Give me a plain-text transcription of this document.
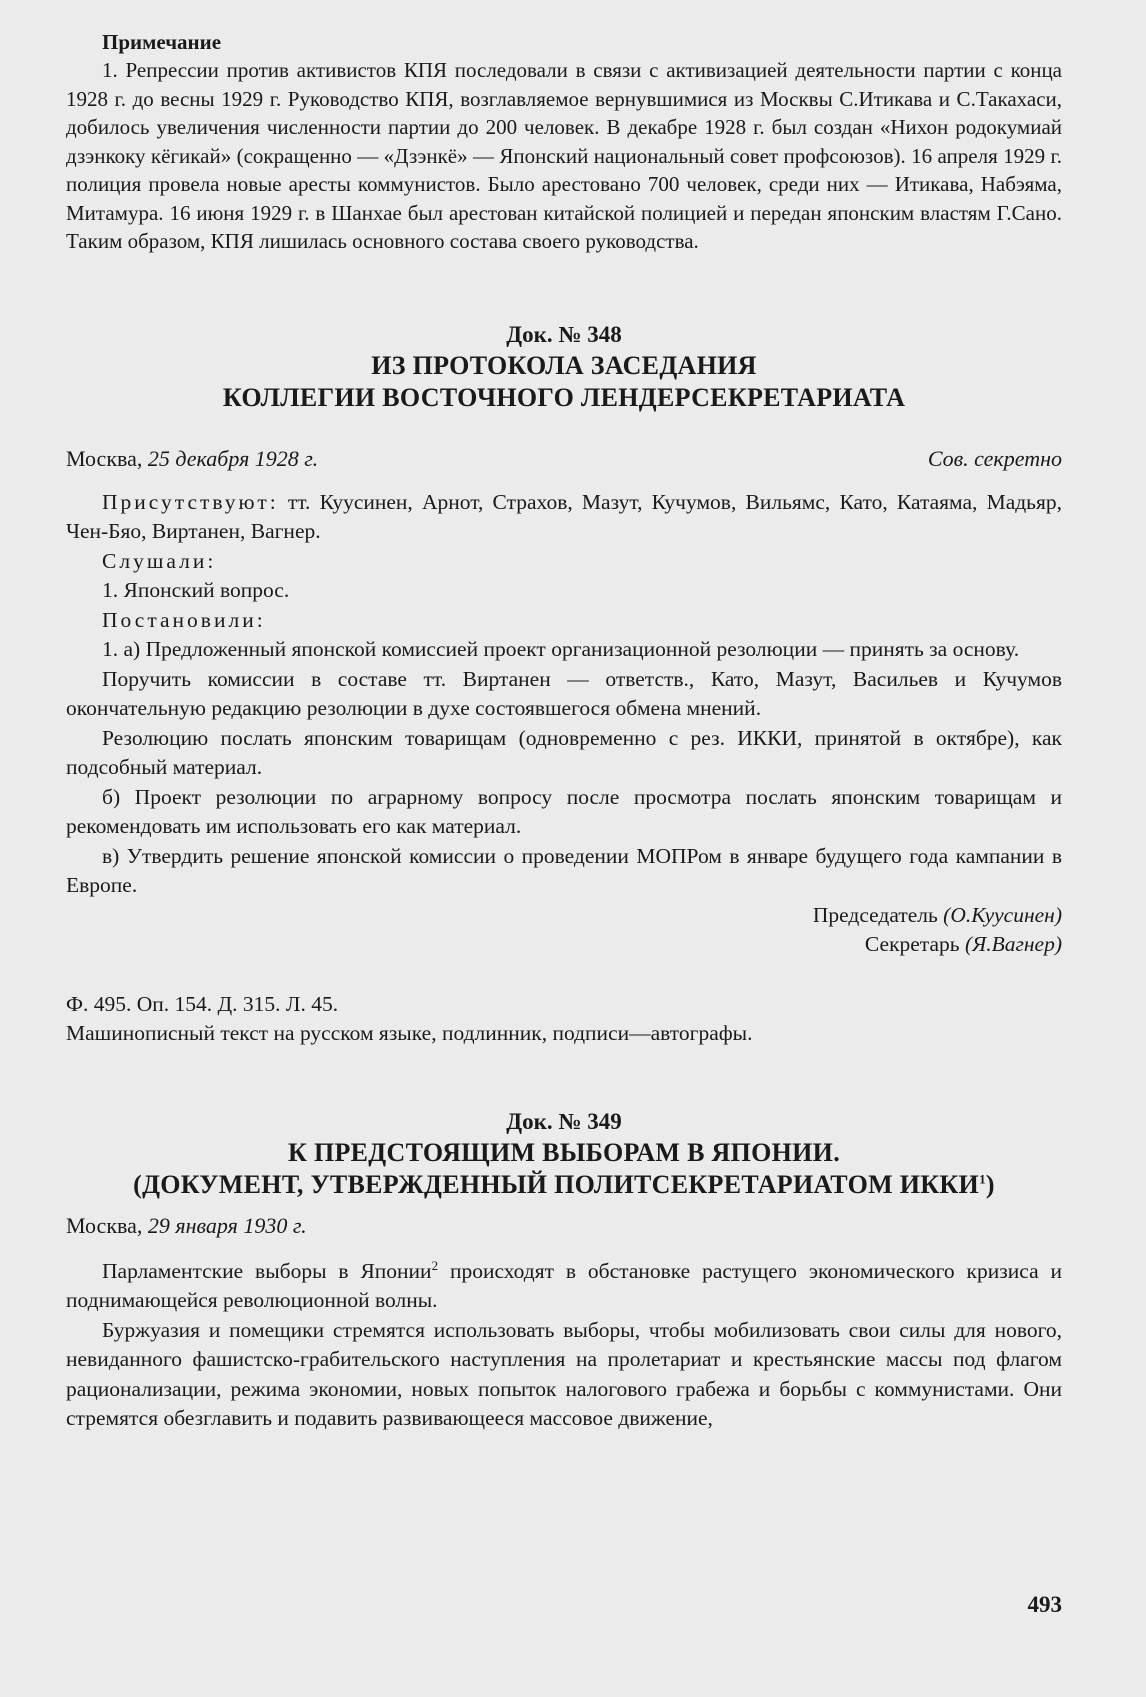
Примечание

1. Репрессии против активистов КПЯ последовали в связи с активизацией деятельности партии с конца 1928 г. до весны 1929 г. Руководство КПЯ, возглавляемое вернувшимися из Москвы С.Итикава и С.Такахаси, добилось увеличения численности партии до 200 человек. В декабре 1928 г. был создан «Нихон родокумиай дзэнкоку кёгикай» (сокращенно — «Дзэнкё» — Японский национальный совет профсоюзов). 16 апреля 1929 г. полиция провела новые аресты коммунистов. Было арестовано 700 человек, среди них — Итикава, Набэяма, Митамура. 16 июня 1929 г. в Шанхае был арестован китайской полицией и передан японским властям Г.Сано. Таким образом, КПЯ лишилась основного состава своего руководства.

Док. № 348
ИЗ ПРОТОКОЛА ЗАСЕДАНИЯ
КОЛЛЕГИИ ВОСТОЧНОГО ЛЕНДЕРСЕКРЕТАРИАТА
Москва, 25 декабря 1928 г.	Сов. секретно

Присутствуют: тт. Куусинен, Арнот, Страхов, Мазут, Кучумов, Вильямс, Като, Катаяма, Мадьяр, Чен-Бяо, Виртанен, Вагнер.

Слушали:

1. Японский вопрос.

Постановили:

1. а) Предложенный японской комиссией проект организационной резолюции — принять за основу.

Поручить комиссии в составе тт. Виртанен — ответств., Като, Мазут, Васильев и Кучумов окончательную редакцию резолюции в духе состоявшегося обмена мнений.

Резолюцию послать японским товарищам (одновременно с рез. ИККИ, принятой в октябре), как подсобный материал.

б) Проект резолюции по аграрному вопросу после просмотра послать японским товарищам и рекомендовать им использовать его как материал.

в) Утвердить решение японской комиссии о проведении МОПРом в январе будущего года кампании в Европе.

Председатель (О.Куусинен)

Секретарь (Я.Вагнер)

Ф. 495. Оп. 154. Д. 315. Л. 45.

Машинописный текст на русском языке, подлинник, подписи—автографы.

Док. № 349
К ПРЕДСТОЯЩИМ ВЫБОРАМ В ЯПОНИИ.
(ДОКУМЕНТ, УТВЕРЖДЕННЫЙ ПОЛИТСЕКРЕТАРИАТОМ ИККИ$^1$)
Москва, 29 января 1930 г.

Парламентские выборы в Японии$^2$ происходят в обстановке растущего экономического кризиса и поднимающейся революционной волны.

Буржуазия и помещики стремятся использовать выборы, чтобы мобилизовать свои силы для нового, невиданного фашистско-грабительского наступления на пролетариат и крестьянские массы под флагом рационализации, режима экономии, новых попыток налогового грабежа и борьбы с коммунистами. Они стремятся обезглавить и подавить развивающееся массовое движение,

493
